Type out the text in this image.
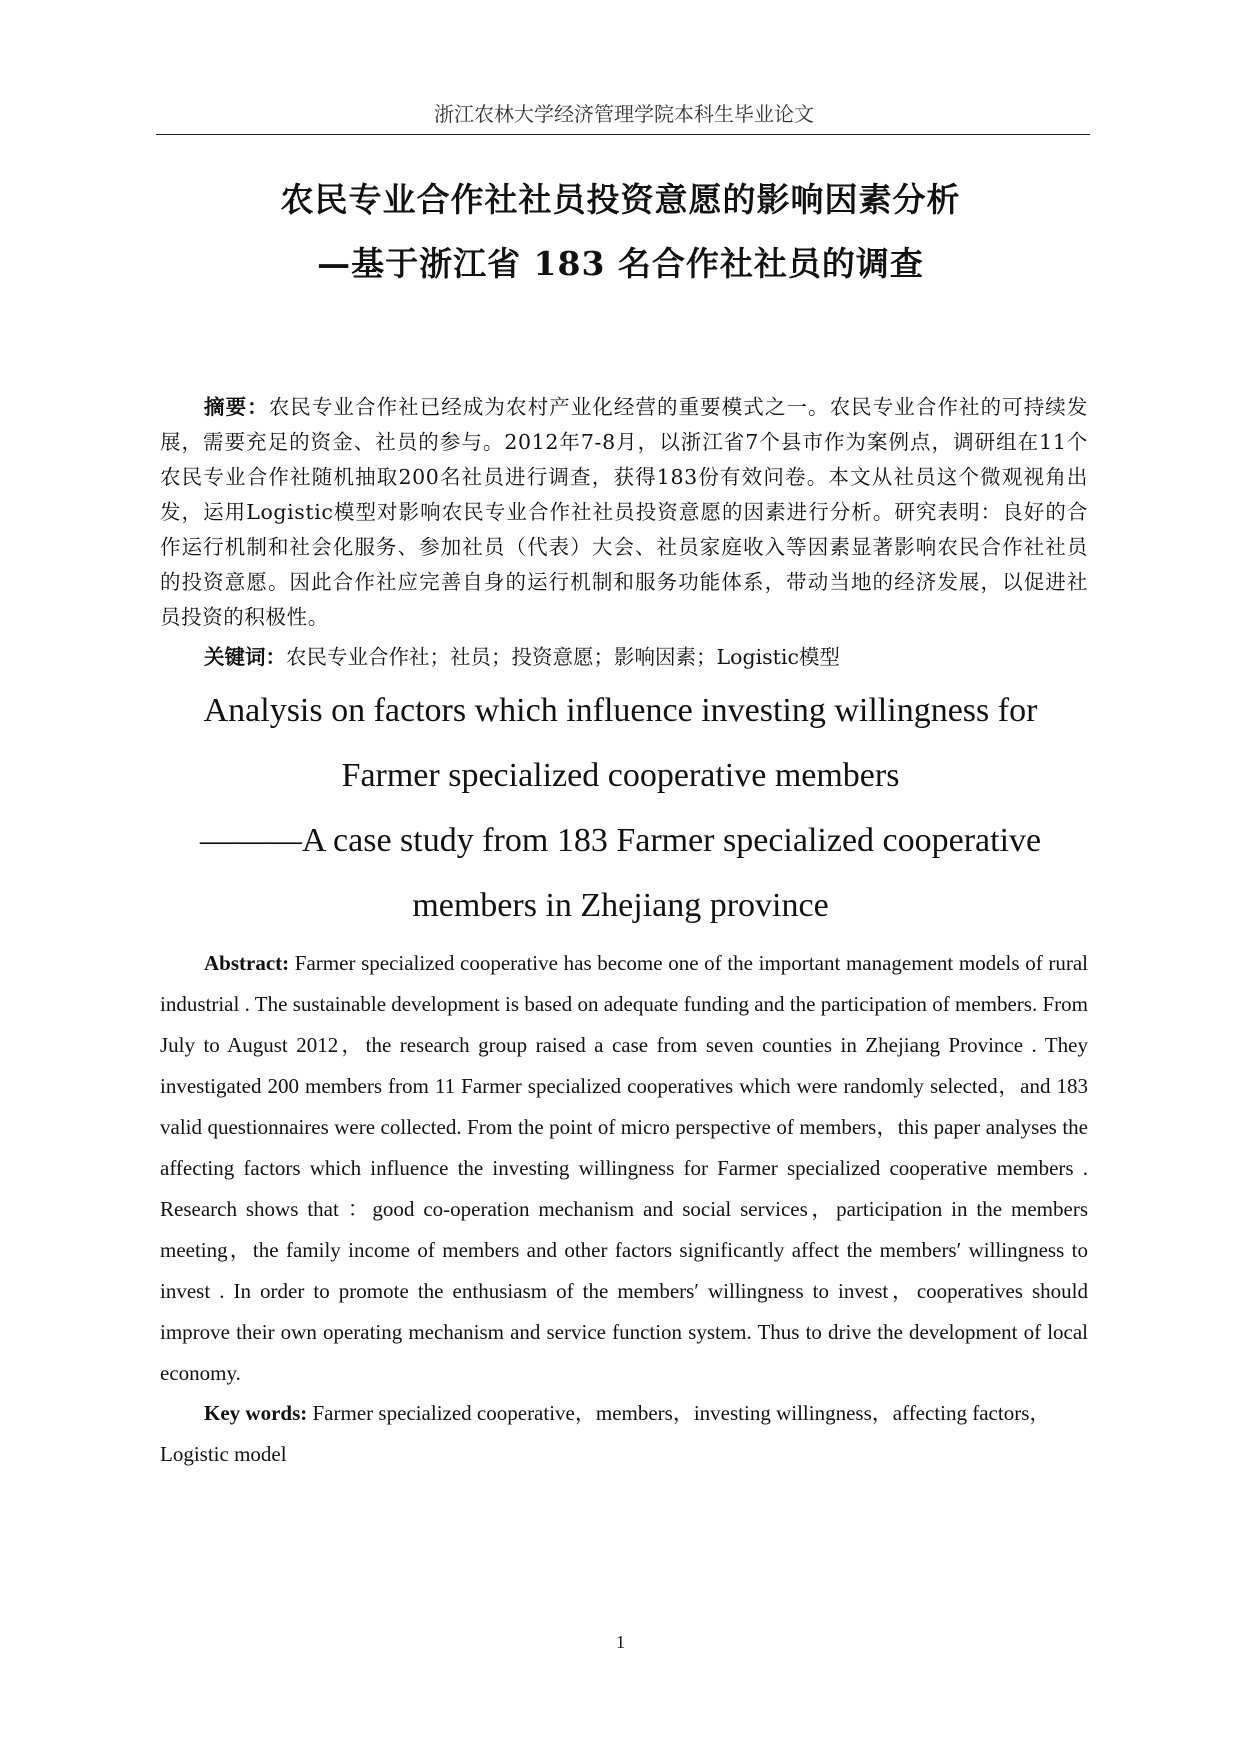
浙江农林大学经济管理学院本科生毕业论文
农民专业合作社社员投资意愿的影响因素分析
—基于浙江省 183 名合作社社员的调查
摘要：农民专业合作社已经成为农村产业化经营的重要模式之一。农民专业合作社的可持续发展，需要充足的资金、社员的参与。2012年7-8月，以浙江省7个县市作为案例点，调研组在11个农民专业合作社随机抽取200名社员进行调查，获得183份有效问卷。本文从社员这个微观视角出发，运用Logistic模型对影响农民专业合作社社员投资意愿的因素进行分析。研究表明：良好的合作运行机制和社会化服务、参加社员（代表）大会、社员家庭收入等因素显著影响农民合作社社员的投资意愿。因此合作社应完善自身的运行机制和服务功能体系，带动当地的经济发展，以促进社员投资的积极性。
关键词：农民专业合作社；社员；投资意愿；影响因素；Logistic模型
Analysis on factors which influence investing willingness for
Farmer specialized cooperative members
———A case study from 183 Farmer specialized cooperative
members in Zhejiang province
Abstract: Farmer specialized cooperative has become one of the important management models of rural industrial . The sustainable development is based on adequate funding and the participation of members. From July to August 2012，the research group raised a case from seven counties in Zhejiang Province . They investigated 200 members from 11 Farmer specialized cooperatives which were randomly selected，and 183 valid questionnaires were collected. From the point of micro perspective of members，this paper analyses the affecting factors which influence the investing willingness for Farmer specialized cooperative members . Research shows that ：good co-operation mechanism and social services，participation in the members meeting，the family income of members and other factors significantly affect the members′ willingness to invest . In order to promote the enthusiasm of the members′ willingness to invest，cooperatives should improve their own operating mechanism and service function system. Thus to drive the development of local economy.
Key words: Farmer specialized cooperative，members，investing willingness，affecting factors，Logistic model
1
